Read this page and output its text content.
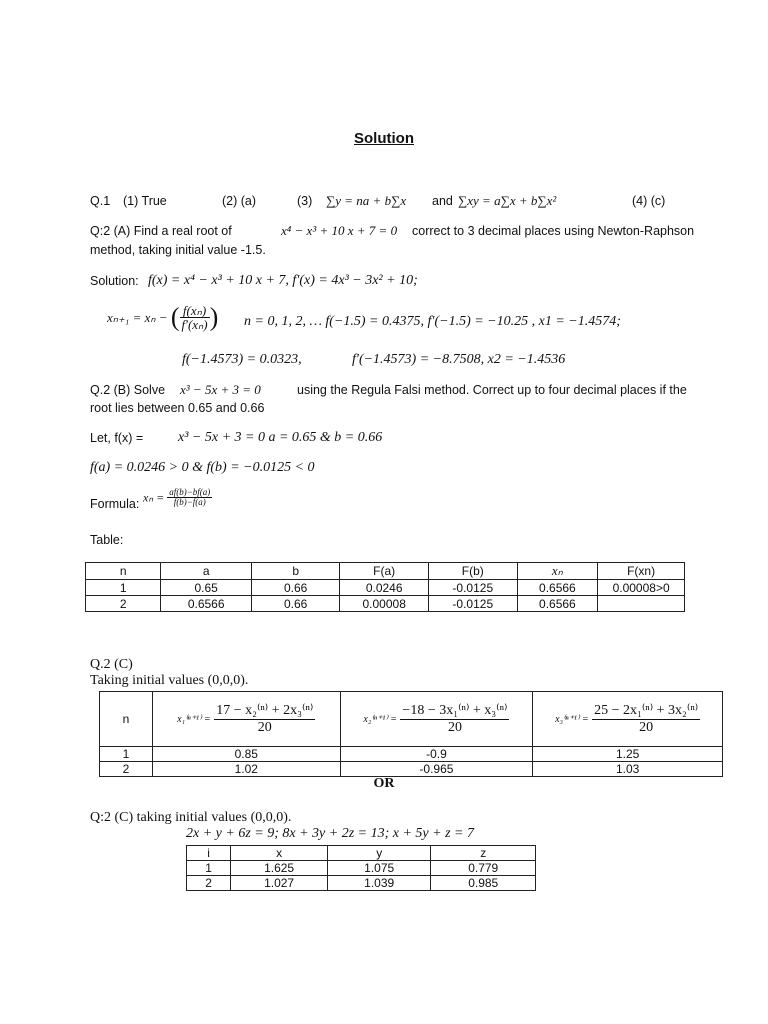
Solution
Q.1 (1) True	(2) (a)	(3) ∑y = na + b∑x and ∑xy = a∑x + b∑x²	(4) (c)
Q:2 (A) Find a real root of	x⁴ − x³ + 10 x + 7 = 0 correct to 3 decimal places using Newton-Raphson
method, taking initial value -1.5.
Solution: f(x) = x⁴ − x³ + 10 x + 7, f′(x) = 4x³ − 3x² + 10;
xₙ₊₁ = xₙ − ( $\frac{\text{f(xₙ)}}{\text{f′(xₙ)}}$ ) n = 0, 1, 2, … f(−1.5) = 0.4375, f′(−1.5) = −10.25 , x1 = −1.4574;
f(−1.4573) = 0.0323,	f′(−1.4573) = −8.7508, x2 = −1.4536
Q.2 (B) Solve x³ − 5x + 3 = 0	using the Regula Falsi method. Correct up to four decimal places if the
root lies between 0.65 and 0.66
Let, f(x) = x³ − 5x + 3 = 0 a = 0.65 & b = 0.66
f(a) = 0.0246 > 0 & f(b) = −0.0125 < 0
Formula: $x_n = \frac{af(b)-bf(a)}{f(b)-f(a)}$
Table:
n	a	b	F(a)	F(b)	xₙ	F(xn)
1	0.65	0.66	0.0246	-0.0125	0.6566	0.00008>0
2	0.6566	0.66	0.00008	-0.0125	0.6566	
Q.2 (C)
Taking initial values (0,0,0).
n	$x_1^{(n+1)} = \frac{\text{17 − x₂⁽ⁿ⁾ + 2x₃⁽ⁿ⁾}}{20}$	$x_2^{(n+1)} = \frac{\text{−18 − 3x₁⁽ⁿ⁾ + x₃⁽ⁿ⁾}}{20}$	$x_3^{(n+1)} = \frac{\text{25 − 2x₁⁽ⁿ⁾ + 3x₂⁽ⁿ⁾}}{20}$

1	0.85	-0.9	1.25
2	1.02	-0.965	1.03
OR
Q:2 (C) taking initial values (0,0,0).
2x + y + 6z = 9; 8x + 3y + 2z = 13; x + 5y + z = 7
i	x	y	z
1	1.625	1.075	0.779
2	1.027	1.039	0.985
